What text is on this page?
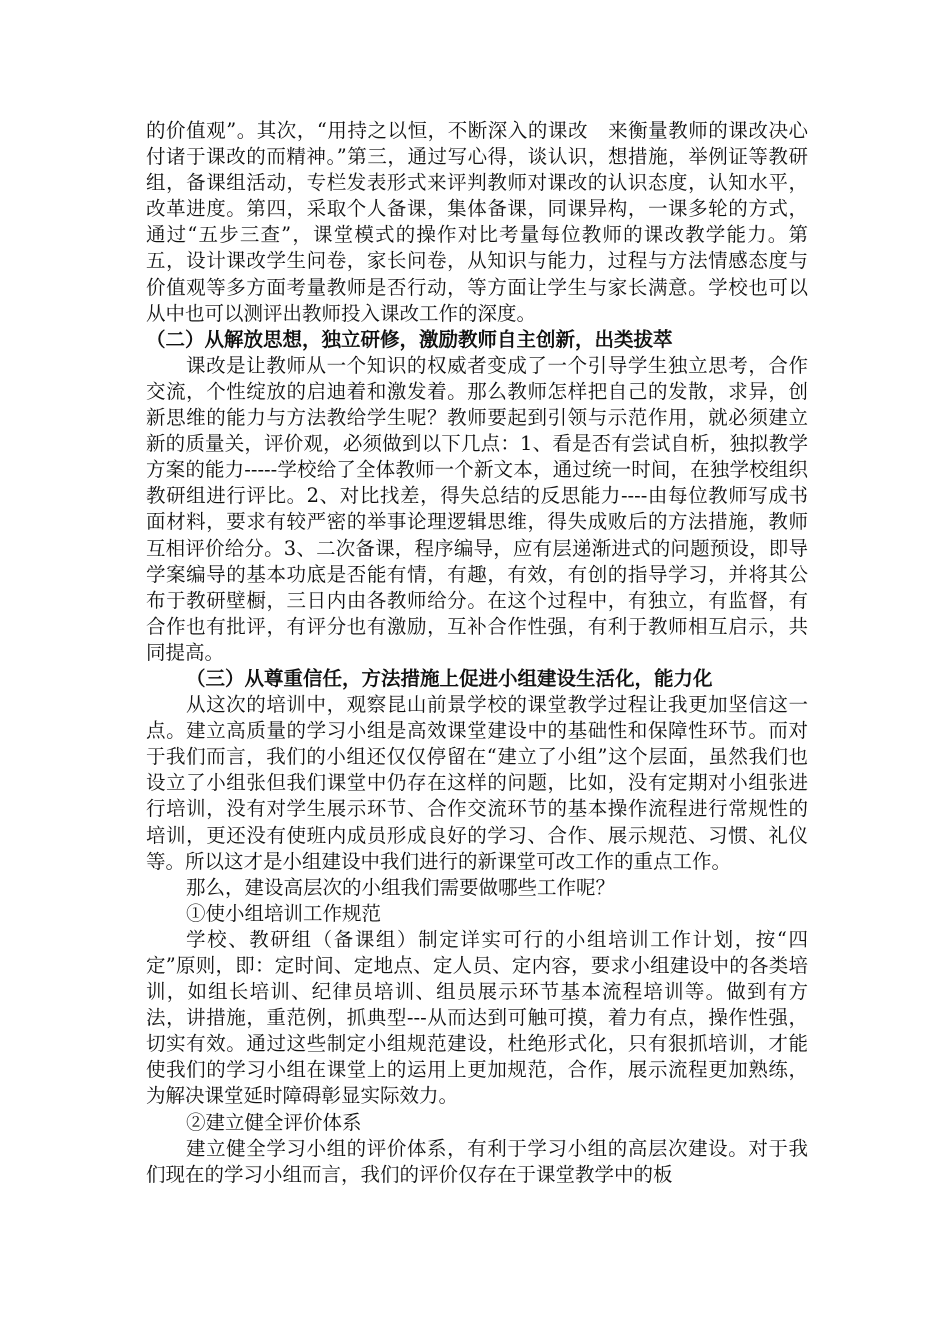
的价值观”。其次，“用持之以恒，不断深入的课改　来衡量教师的课改决心付诸于课改的而精神。”第三，通过写心得，谈认识，想措施，举例证等教研组，备课组活动，专栏发表形式来评判教师对课改的认识态度，认知水平，改革进度。第四，采取个人备课，集体备课，同课异构，一课多轮的方式，通过“五步三查”，课堂模式的操作对比考量每位教师的课改教学能力。第五，设计课改学生问卷，家长问卷，从知识与能力，过程与方法情感态度与价值观等多方面考量教师是否行动，等方面让学生与家长满意。学校也可以从中也可以测评出教师投入课改工作的深度。

（二）从解放思想，独立研修，激励教师自主创新，出类拔萃

课改是让教师从一个知识的权威者变成了一个引导学生独立思考，合作交流，个性绽放的启迪着和激发着。那么教师怎样把自己的发散，求异，创新思维的能力与方法教给学生呢？教师要起到引领与示范作用，就必须建立新的质量关，评价观，必须做到以下几点：1、看是否有尝试自析，独拟教学方案的能力-----学校给了全体教师一个新文本，通过统一时间，在独学校组织教研组进行评比。2、对比找差，得失总结的反思能力----由每位教师写成书面材料，要求有较严密的举事论理逻辑思维，得失成败后的方法措施，教师互相评价给分。3、二次备课，程序编导，应有层递渐进式的问题预设，即导学案编导的基本功底是否能有情，有趣，有效，有创的指导学习，并将其公布于教研壁橱，三日内由各教师给分。在这个过程中，有独立，有监督，有合作也有批评，有评分也有激励，互补合作性强，有利于教师相互启示，共同提高。

（三）从尊重信任，方法措施上促进小组建设生活化，能力化

从这次的培训中，观察昆山前景学校的课堂教学过程让我更加坚信这一点。建立高质量的学习小组是高效课堂建设中的基础性和保障性环节。而对于我们而言，我们的小组还仅仅停留在“建立了小组”这个层面，虽然我们也设立了小组张但我们课堂中仍存在这样的问题，比如，没有定期对小组张进行培训，没有对学生展示环节、合作交流环节的基本操作流程进行常规性的培训，更还没有使班内成员形成良好的学习、合作、展示规范、习惯、礼仪等。所以这才是小组建设中我们进行的新课堂可改工作的重点工作。

那么，建设高层次的小组我们需要做哪些工作呢？

①使小组培训工作规范

学校、教研组（备课组）制定详实可行的小组培训工作计划，按“四定”原则，即：定时间、定地点、定人员、定内容，要求小组建设中的各类培训，如组长培训、纪律员培训、组员展示环节基本流程培训等。做到有方法，讲措施，重范例，抓典型---从而达到可触可摸，着力有点，操作性强，切实有效。通过这些制定小组规范建设，杜绝形式化，只有狠抓培训，才能使我们的学习小组在课堂上的运用上更加规范，合作，展示流程更加熟练，为解决课堂延时障碍彰显实际效力。

②建立健全评价体系

建立健全学习小组的评价体系，有利于学习小组的高层次建设。对于我们现在的学习小组而言，我们的评价仅存在于课堂教学中的板
